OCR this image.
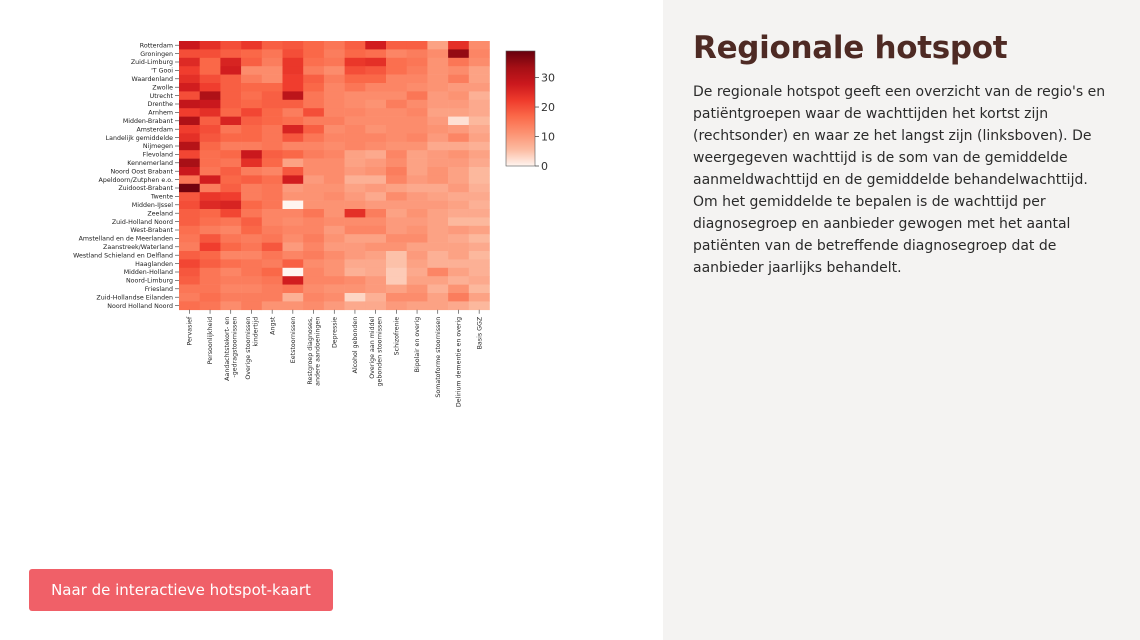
Rotterdam
Groningen
Zuid-Limburg
'T Gooi
Waardenland
Zwolle
Utrecht
Drenthe
Arnhem
Midden-Brabant
Amsterdam
Landelijk gemiddelde
Nijmegen
Flevoland
Kennemerland
Noord Oost Brabant
Apeldoorn/Zutphen e.o.
Zuidoost-Brabant
Twente
Midden-IJssel
Zeeland
Zuid-Holland Noord
West-Brabant
Amstelland en de Meerlanden
Zaanstreek/Waterland
Westland Schieland en Delfland
Haaglanden
Midden-Holland
Noord-Limburg
Friesland
Zuid-Hollandse Eilanden
Noord Holland Noord
Pervasief Persoonlijkheid Aandachtstekort- en -gedragstoornissen Overige stoornissen kindertijd Angst Eetstoornissen Restgroep diagnoses, andere aandoeningen Depressie Alcohol gebonden Overige aan middel gebonden stoornissen Schizofrenie Bipolair en overig Somatoforme stoornissen Delirium dementie en overig Basis GGZ
0
10
20
30
Naar de interactieve hotspot-kaart
Regionale hotspot

De regionale hotspot geeft een overzicht van de regio's en patiëntgroepen waar de wachttijden het kortst zijn (rechtsonder) en waar ze het langst zijn (linksboven). De weergegeven wachttijd is de som van de gemiddelde aanmeldwachttijd en de gemiddelde behandelwachttijd. Om het gemiddelde te bepalen is de wachttijd per diagnosegroep en aanbieder gewogen met het aantal patiënten van de betreffende diagnosegroep dat de aanbieder jaarlijks behandelt.
